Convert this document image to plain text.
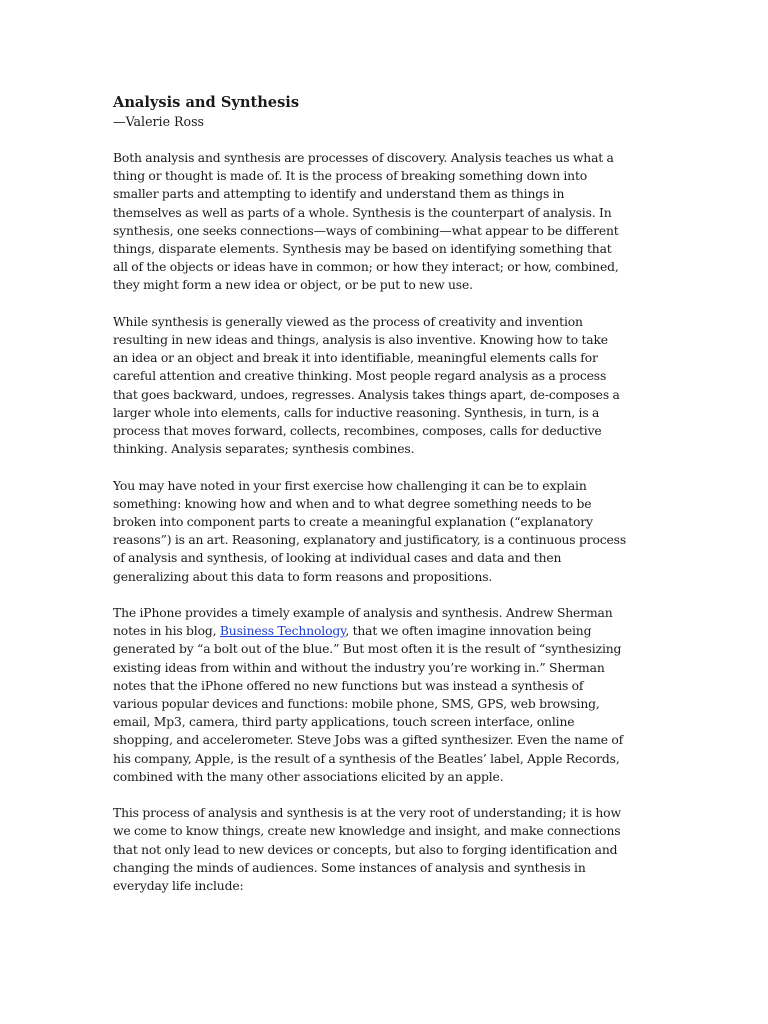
Analysis and Synthesis

—Valerie Ross

Both analysis and synthesis are processes of discovery. Analysis teaches us what a
thing or thought is made of. It is the process of breaking something down into
smaller parts and attempting to identify and understand them as things in
themselves as well as parts of a whole. Synthesis is the counterpart of analysis. In
synthesis, one seeks connections—ways of combining—what appear to be different
things, disparate elements. Synthesis may be based on identifying something that
all of the objects or ideas have in common; or how they interact; or how, combined,
they might form a new idea or object, or be put to new use.

While synthesis is generally viewed as the process of creativity and invention
resulting in new ideas and things, analysis is also inventive. Knowing how to take
an idea or an object and break it into identifiable, meaningful elements calls for
careful attention and creative thinking. Most people regard analysis as a process
that goes backward, undoes, regresses. Analysis takes things apart, de-composes a
larger whole into elements, calls for inductive reasoning. Synthesis, in turn, is a
process that moves forward, collects, recombines, composes, calls for deductive
thinking. Analysis separates; synthesis combines.

You may have noted in your first exercise how challenging it can be to explain
something: knowing how and when and to what degree something needs to be
broken into component parts to create a meaningful explanation (“explanatory
reasons”) is an art. Reasoning, explanatory and justificatory, is a continuous process
of analysis and synthesis, of looking at individual cases and data and then
generalizing about this data to form reasons and propositions.

The iPhone provides a timely example of analysis and synthesis. Andrew Sherman
notes in his blog, Business Technology, that we often imagine innovation being
generated by “a bolt out of the blue.” But most often it is the result of “synthesizing
existing ideas from within and without the industry you’re working in.” Sherman
notes that the iPhone offered no new functions but was instead a synthesis of
various popular devices and functions: mobile phone, SMS, GPS, web browsing,
email, Mp3, camera, third party applications, touch screen interface, online
shopping, and accelerometer. Steve Jobs was a gifted synthesizer. Even the name of
his company, Apple, is the result of a synthesis of the Beatles’ label, Apple Records,
combined with the many other associations elicited by an apple.

This process of analysis and synthesis is at the very root of understanding; it is how
we come to know things, create new knowledge and insight, and make connections
that not only lead to new devices or concepts, but also to forging identification and
changing the minds of audiences. Some instances of analysis and synthesis in
everyday life include:
